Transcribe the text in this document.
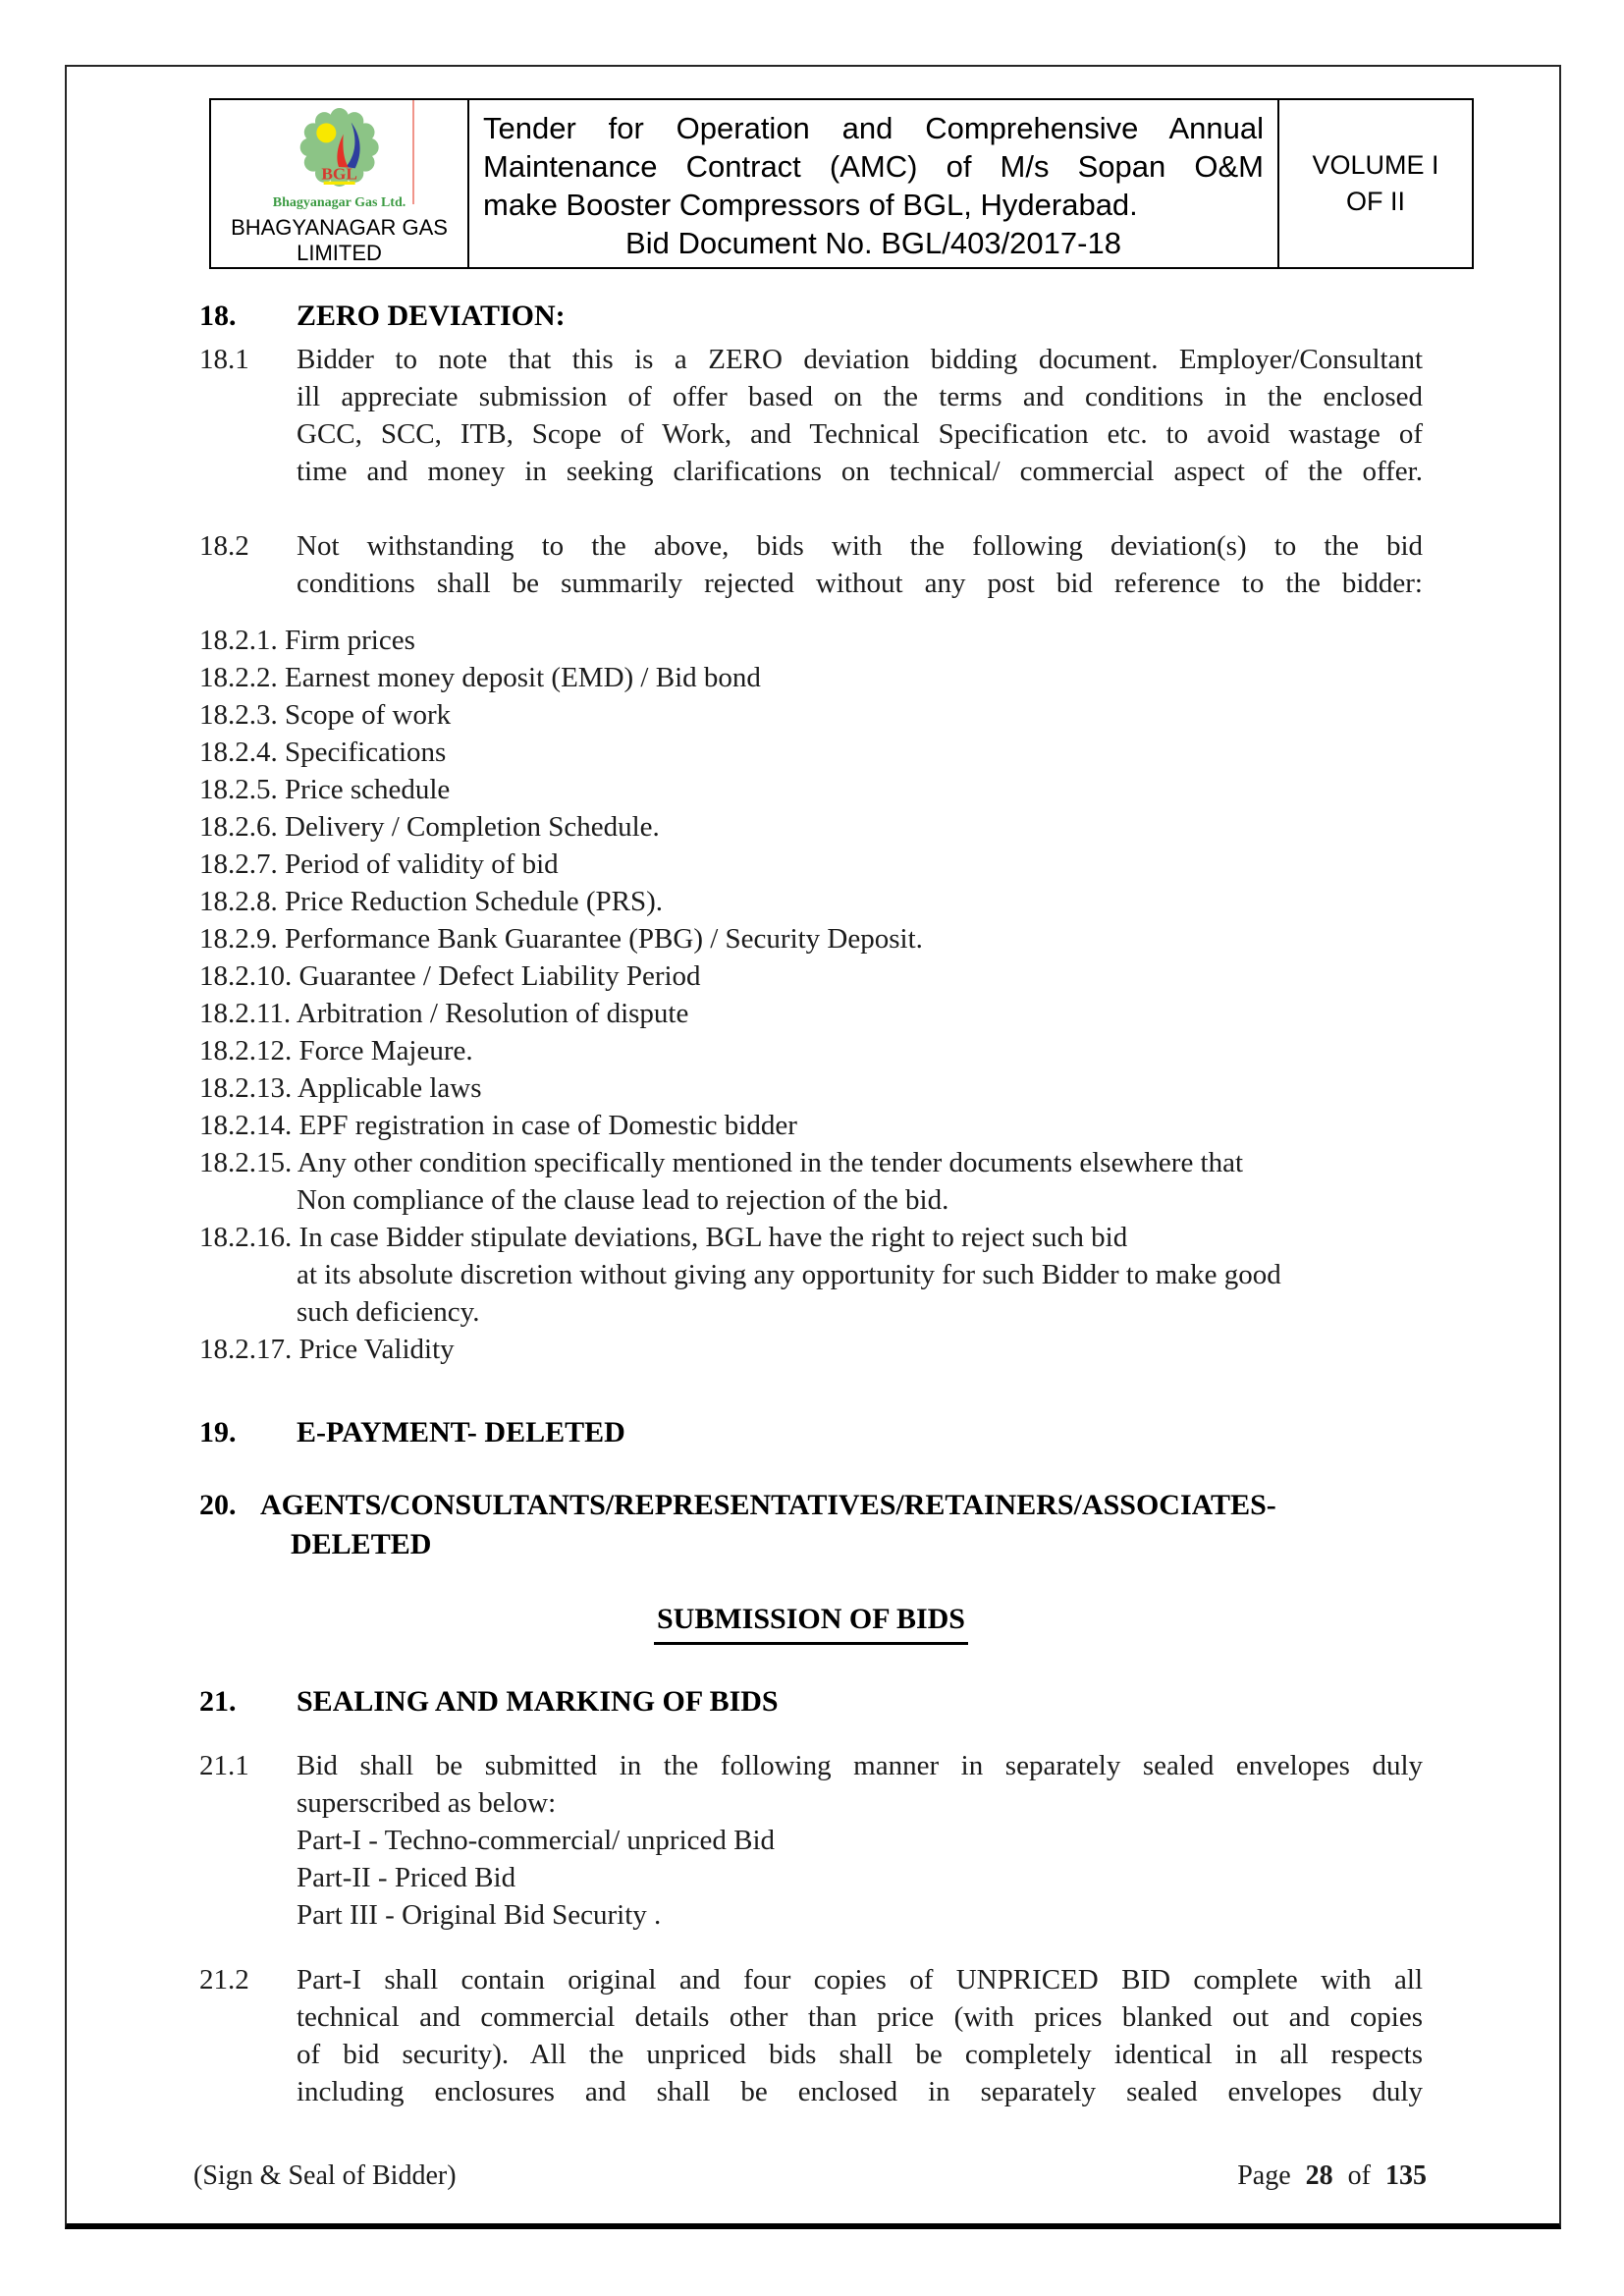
BGL
Bhagyanagar Gas Ltd.
BHAGYANAGAR GAS LIMITED
Tender for Operation and Comprehensive Annual
Maintenance Contract (AMC) of M/s Sopan O&M
make Booster Compressors of BGL, Hyderabad.
Bid Document No. BGL/403/2017-18
VOLUME I
OF II
18.	ZERO DEVIATION:
18.1	Bidder to note that this is a ZERO deviation bidding document. Employer/Consultant
ill appreciate submission of offer based on the terms and conditions in the enclosed
GCC, SCC, ITB, Scope of Work, and Technical Specification etc. to avoid wastage of
time and money in seeking clarifications on technical/ commercial aspect of the offer.
18.2	Not withstanding to the above, bids with the following deviation(s) to the bid
conditions shall be summarily rejected without any post bid reference to the bidder:
18.2.1. Firm prices
18.2.2. Earnest money deposit (EMD) / Bid bond
18.2.3. Scope of work
18.2.4. Specifications
18.2.5. Price schedule
18.2.6. Delivery / Completion Schedule.
18.2.7. Period of validity of bid
18.2.8. Price Reduction Schedule (PRS).
18.2.9. Performance Bank Guarantee (PBG) / Security Deposit.
18.2.10. Guarantee / Defect Liability Period
18.2.11. Arbitration / Resolution of dispute
18.2.12. Force Majeure.
18.2.13. Applicable laws
18.2.14. EPF registration in case of Domestic bidder
18.2.15. Any other condition specifically mentioned in the tender documents elsewhere that
Non compliance of the clause lead to rejection of the bid.
18.2.16. In case Bidder stipulate deviations, BGL have the right to reject such bid
at its absolute discretion without giving any opportunity for such Bidder to make good
such deficiency.
18.2.17. Price Validity
19.	E-PAYMENT- DELETED
20. AGENTS/CONSULTANTS/REPRESENTATIVES/RETAINERS/ASSOCIATES-
DELETED
SUBMISSION OF BIDS
21.	SEALING AND MARKING OF BIDS
21.1	Bid shall be submitted in the following manner in separately sealed envelopes duly
superscribed as below:
Part-I - Techno-commercial/ unpriced Bid
Part-II - Priced Bid
Part III - Original Bid Security .
21.2	Part-I shall contain original and four copies of UNPRICED BID complete with all
technical and commercial details other than price (with prices blanked out and copies
of bid security). All the unpriced bids shall be completely identical in all respects
including enclosures and shall be enclosed in separately sealed envelopes duly
(Sign & Seal of Bidder)	Page 28 of 135
